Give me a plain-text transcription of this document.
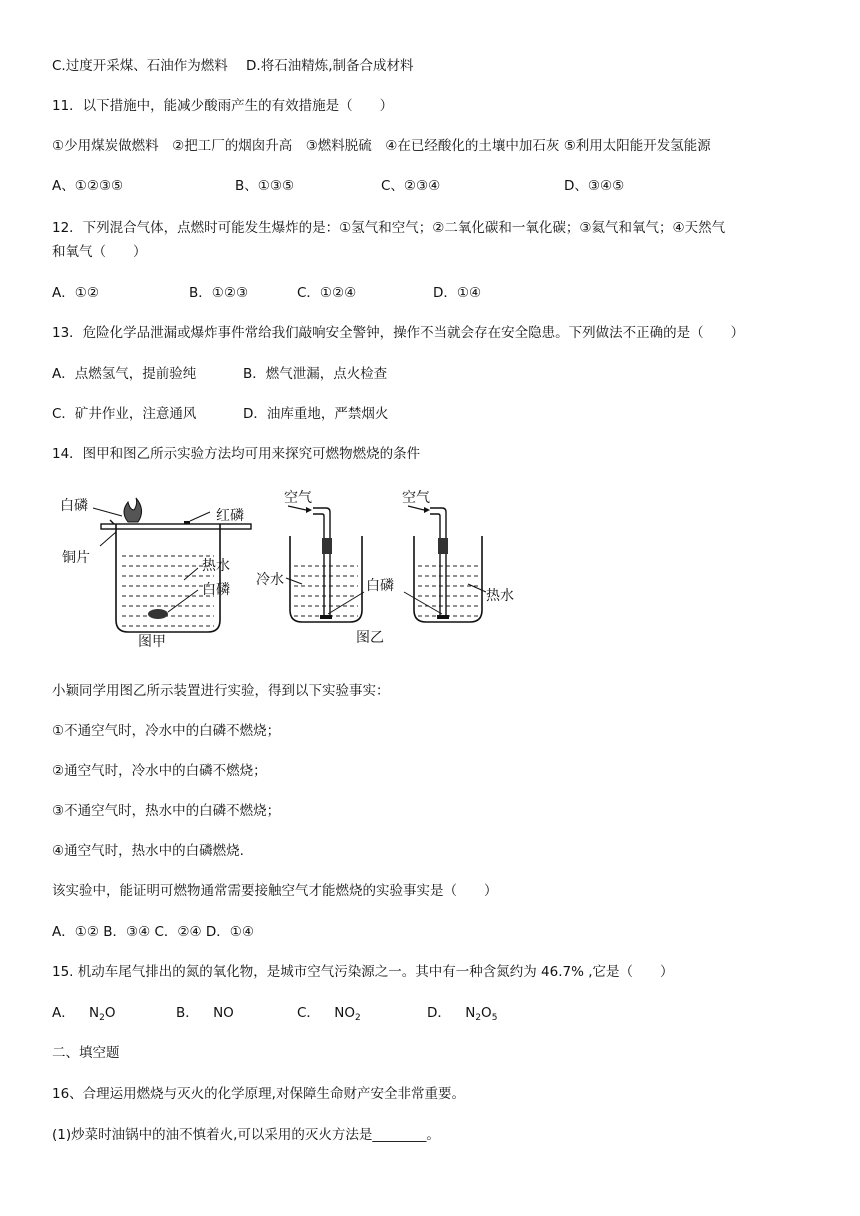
C.过度开采煤、石油作为燃料 D.将石油精炼,制备合成材料
11．以下措施中，能减少酸雨产生的有效措施是（　　）
①少用煤炭做燃料　②把工厂的烟囱升高　③燃料脱硫　④在已经酸化的土壤中加石灰 ⑤利用太阳能开发氢能源
A、①②③⑤	B、①③⑤	C、②③④	D、③④⑤
12．下列混合气体，点燃时可能发生爆炸的是：①氢气和空气；②二氧化碳和一氧化碳；③氦气和氧气；④天然气
和氧气（　　）
A．①②	B．①②③	C．①②④	D．①④
13．危险化学品泄漏或爆炸事件常给我们敲响安全警钟，操作不当就会存在安全隐患。下列做法不正确的是（　　）
A．点燃氢气，提前验纯	B．燃气泄漏，点火检查
C．矿井作业，注意通风	D．油库重地，严禁烟火
14．图甲和图乙所示实验方法均可用来探究可燃物燃烧的条件
白磷
红磷
铜片	热水
白磷
图甲
空气	空气
冷水	白磷
热水
图乙
小颖同学用图乙所示装置进行实验，得到以下实验事实：
①不通空气时，冷水中的白磷不燃烧；
②通空气时，冷水中的白磷不燃烧；
③不通空气时，热水中的白磷不燃烧；
④通空气时，热水中的白磷燃烧.
该实验中，能证明可燃物通常需要接触空气才能燃烧的实验事实是（　　）
A．①② B．③④ C．②④ D．①④
15. 机动车尾气排出的氮的氧化物，是城市空气污染源之一。其中有一种含氮约为 46.7% ,它是（　　）
A． $N_2O$	B． NO	C． $NO_2$	D． $N_2O_5$
二、填空题
16、合理运用燃烧与灭火的化学原理,对保障生命财产安全非常重要。
(1)炒菜时油锅中的油不慎着火,可以采用的灭火方法是________。
